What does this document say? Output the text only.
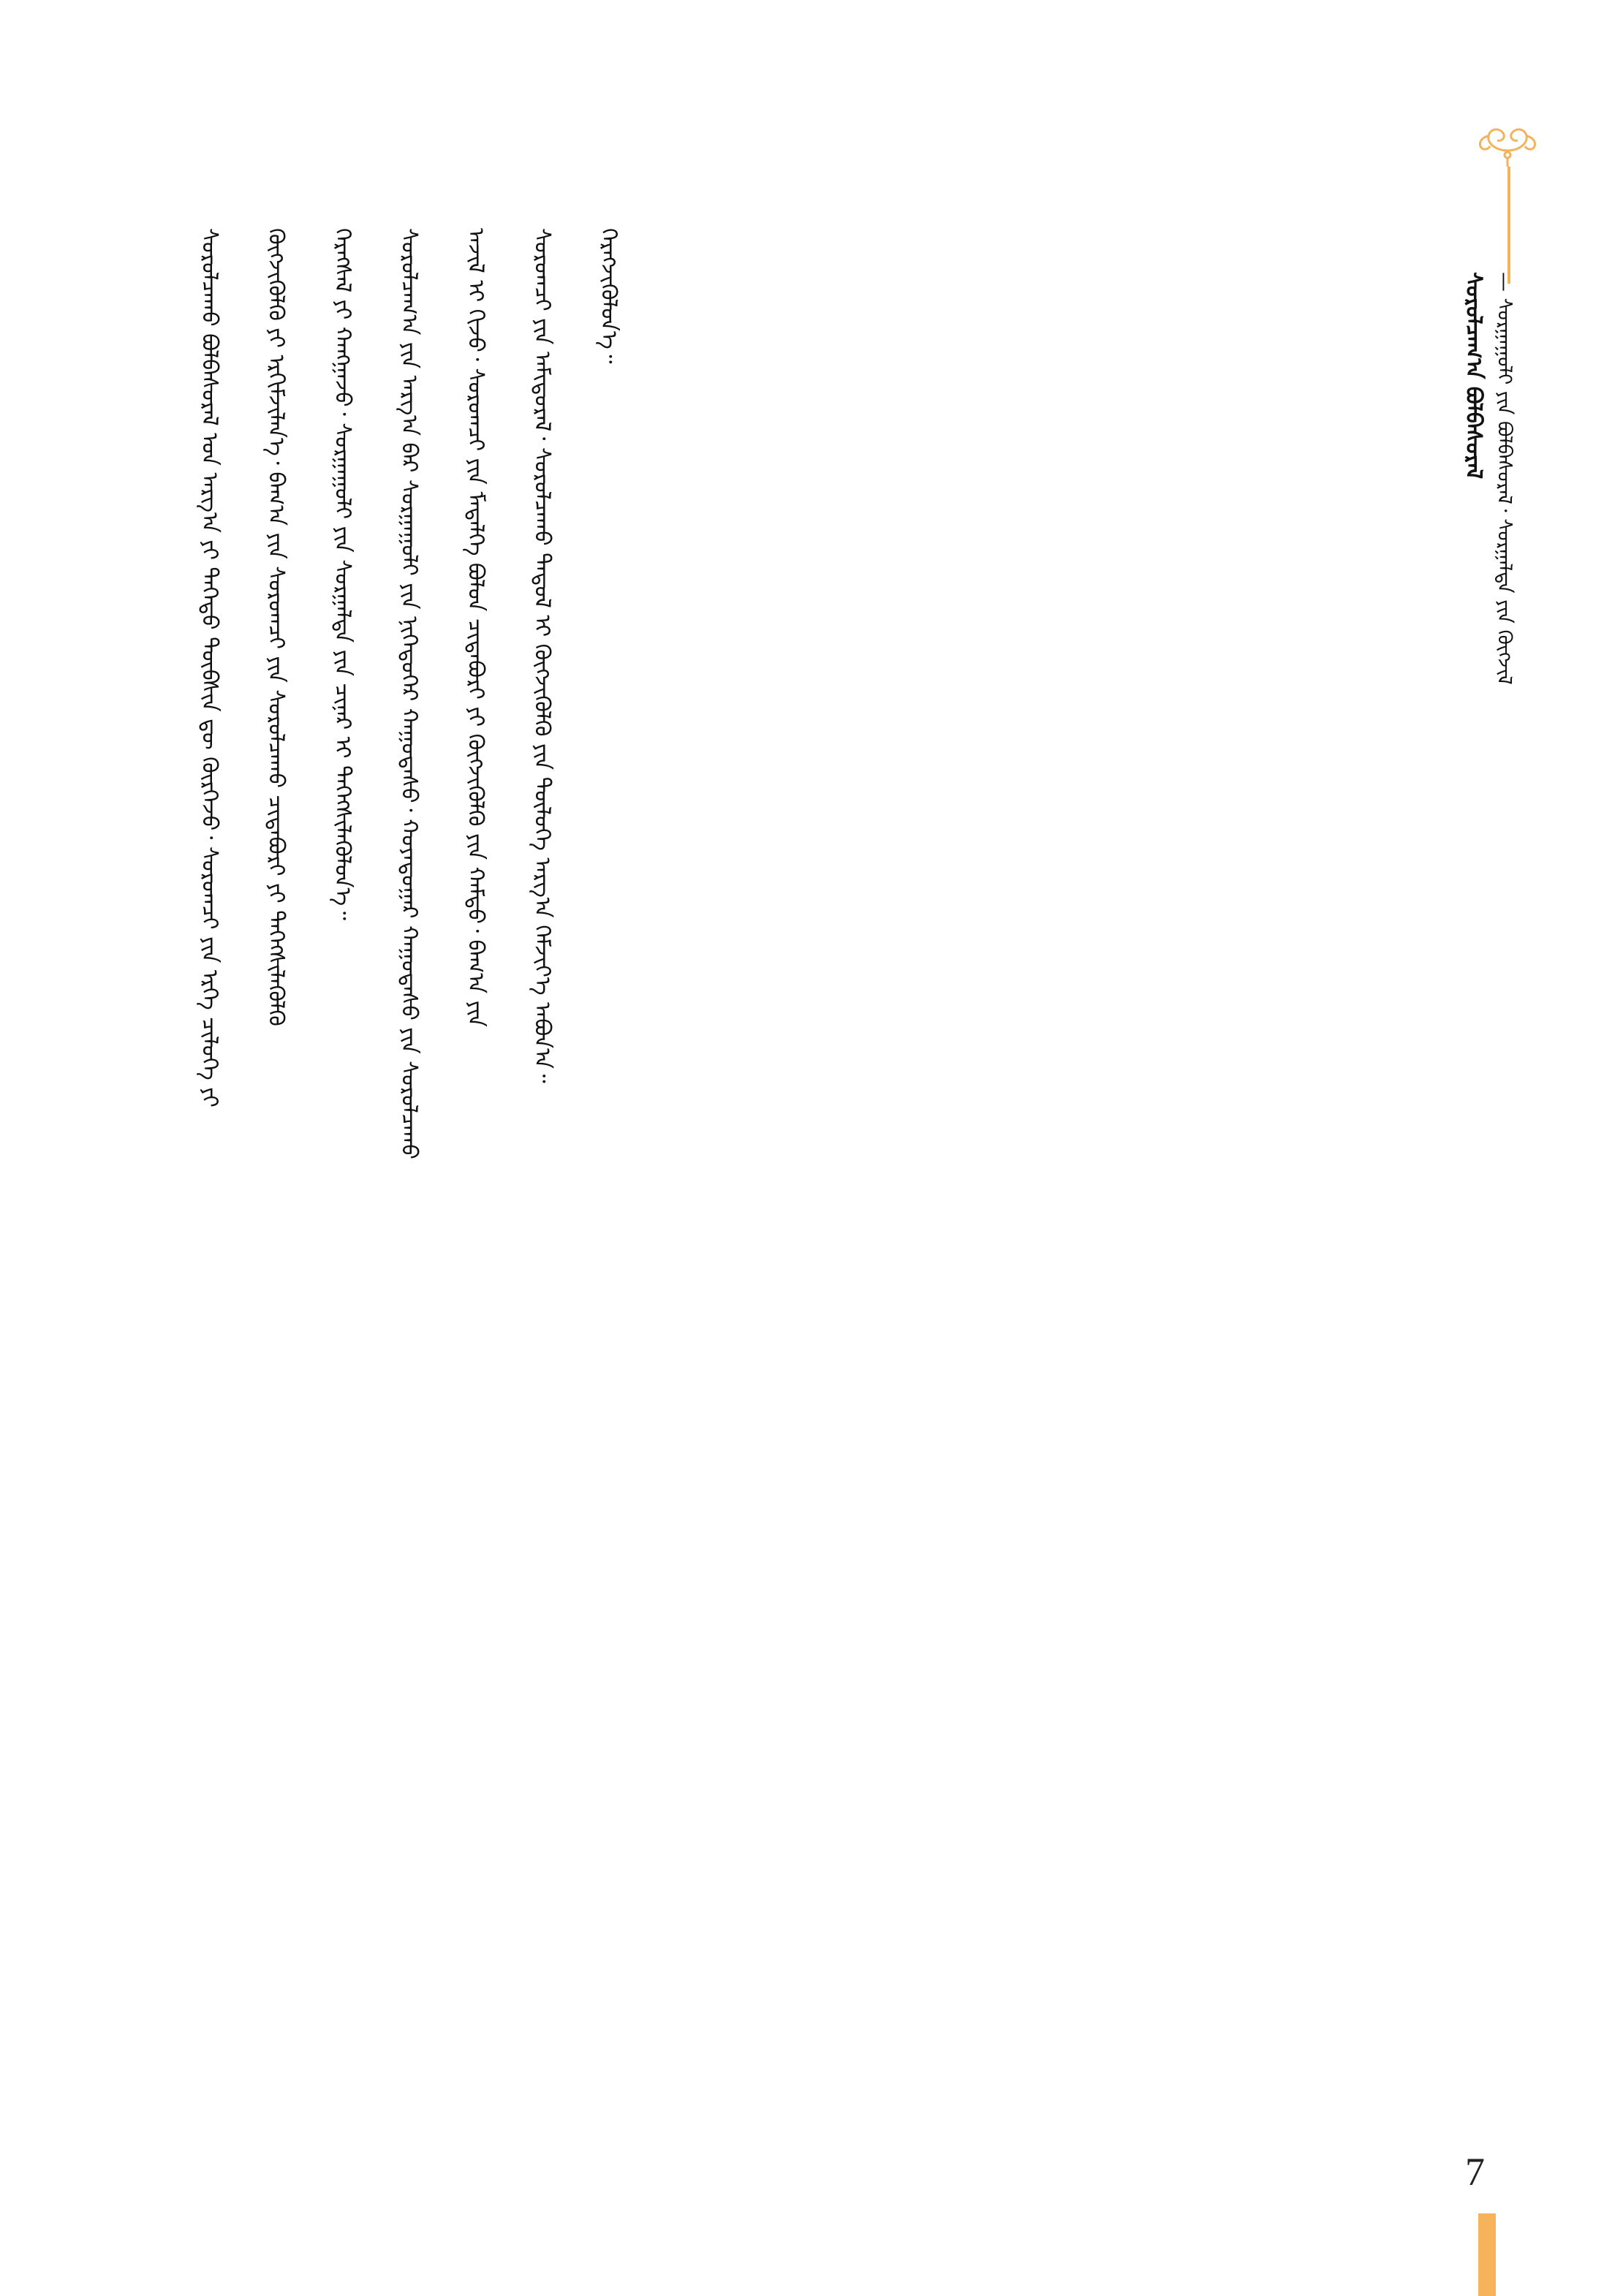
ᠰᠤᠷᠤᠯᠴᠠᠭ᠎ᠠ ᠪᠣᠯᠪᠠᠰᠤᠷᠠᠯ — ᠰᠤᠷᠭᠠᠭᠤᠯᠢ ᠶᠢᠨ ᠪᠣᠯᠪᠠᠰᠤᠷᠠᠯ᠂ ᠰᠤᠷᠭᠠᠯᠲᠠ ᠶᠢᠨ ᠬᠥᠭᠵᠢᠯ
ᠬᠡᠷᠡᠭᠵᠢᠭᠦᠯᠦᠨ᠎ᠡ᠃
ᠰᠤᠷᠤᠭᠴᠢ ᠶᠢᠨ ᠠᠮᠢᠳᠤᠷᠠᠯ᠂ ᠰᠤᠷᠤᠯᠴᠠᠬᠤ ᠳᠠᠳᠤᠯ ᠢ ᠬᠥᠭᠵᠢᠭᠦᠯᠬᠦ ᠶᠢᠨ ᠲᠥᠯᠥᠭᠡ ᠠᠷᠭ᠎ᠠ ᠬᠡᠮᠵᠢᠶ᠎ᠡ ᠠᠪᠤᠨ᠎ᠠ᠃
ᠠᠵᠢᠯ ᠢ ᠬᠢᠵᠦ᠂ ᠰᠤᠷᠤᠭᠴᠢ ᠶᠢᠨ ᠮᠡᠳᠡᠯᠭᠡ ᠪᠣᠯᠤᠨ ᠴᠢᠳᠠᠪᠤᠷᠢ ᠶᠢ ᠬᠥᠭᠵᠢᠭᠦᠯᠬᠦ ᠶᠢᠨ ᠬᠠᠮᠲᠤ᠂ ᠪᠠᠭ᠎ᠠ ᠶᠢᠨ
ᠰᠤᠷᠤᠯᠴᠠᠭ᠎ᠠ ᠶᠢᠨ ᠠᠷᠭ᠎ᠠ ᠪᠠᠷ ᠰᠤᠷᠭᠠᠭᠤᠯᠢ ᠶᠢᠨ ᠨᠢᠭᠡᠳᠦᠭᠡᠷ ᠬᠠᠭᠤᠳᠠᠰᠤ᠂ ᠬᠣᠶᠠᠳᠤᠭᠠᠷ ᠬᠠᠭᠤᠳᠠᠰᠤ ᠶᠢᠨ ᠰᠤᠷᠤᠯᠴᠠᠬᠤ
ᠬᠡᠷᠡᠭᠰᠡᠯ ᠶᠢ ᠬᠠᠩᠭᠠᠵᠤ᠂ ᠰᠤᠷᠭᠠᠭᠤᠯᠢ ᠶᠢᠨ ᠰᠤᠷᠭᠠᠯᠲᠠ ᠶᠢᠨ ᠴᠢᠨᠠᠷ ᠢ ᠳᠡᠭᠡᠭᠰᠢᠯᠡᠭᠦᠯᠦᠨ᠎ᠡ᠃
ᠬᠥᠭᠵᠢᠭᠦᠯᠬᠦ ᠶᠢ ᠡᠷᠭᠢᠮᠵᠢᠯᠡᠨ᠎ᠡ᠂ ᠪᠠᠭ᠎ᠠ ᠶᠢᠨ ᠰᠤᠷᠤᠭᠴᠢ ᠶᠢᠨ ᠰᠤᠷᠤᠯᠴᠠᠬᠤ ᠴᠢᠳᠠᠪᠤᠷᠢ ᠶᠢ ᠳᠡᠭᠡᠭᠰᠢᠯᠡᠭᠦᠯᠬᠦ
ᠰᠤᠷᠤᠯᠴᠠᠬᠤ ᠪᠣᠯᠪᠠᠰᠤᠷᠠᠯ ᠤᠨ ᠠᠷᠭ᠎ᠠ ᠶᠢ ᠳᠡᠭᠡᠳᠦ ᠲᠦᠪᠰᠢᠨ ᠳᠦ ᠬᠦᠷᠭᠡᠵᠦ᠂ ᠰᠤᠷᠤᠭᠴᠢ ᠶᠢᠨ ᠡᠷᠬᠡ ᠴᠢᠯᠦᠭᠡ ᠶᠢ
7
